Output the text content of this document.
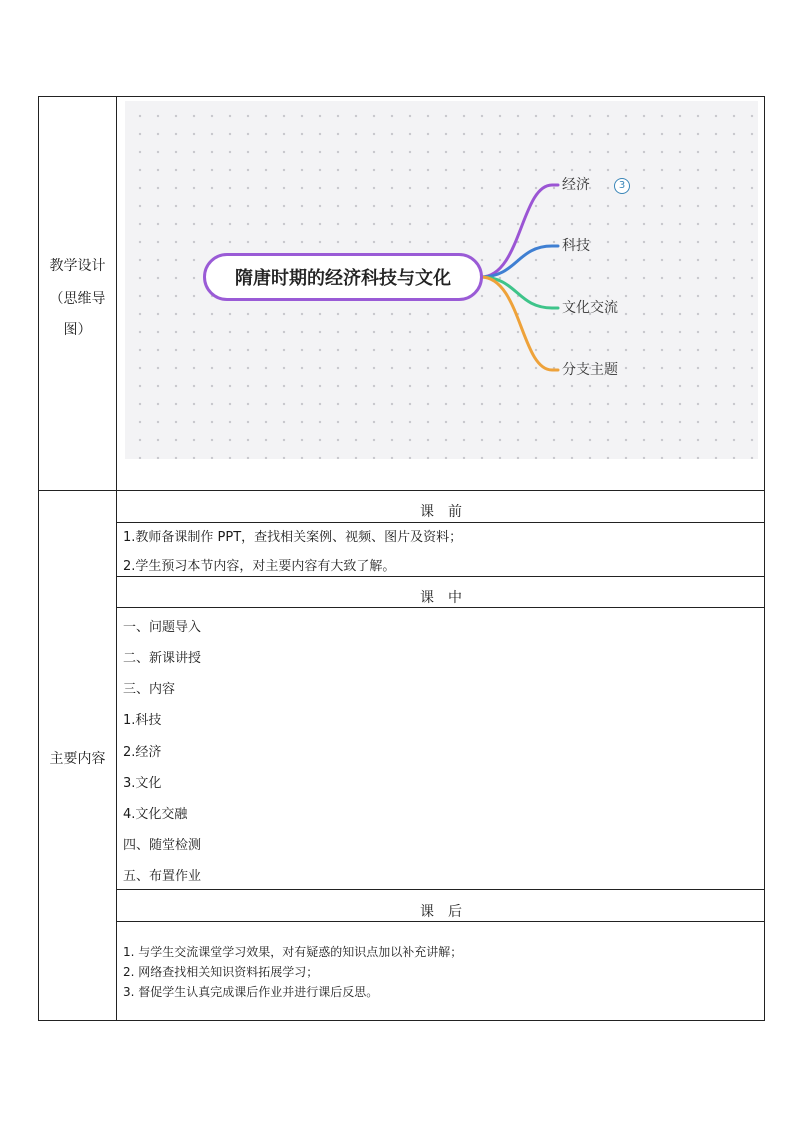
教学设计
（思维导
图）
隋唐时期的经济科技与文化
经济	3
科技
文化交流
分支主题
主要内容
课　前
1.教师备课制作 PPT，查找相关案例、视频、图片及资料；
2.学生预习本节内容，对主要内容有大致了解。
课　中
一、问题导入
二、新课讲授
三、内容
1.科技
2.经济
3.文化
4.文化交融
四、随堂检测
五、布置作业
课　后
1. 与学生交流课堂学习效果，对有疑惑的知识点加以补充讲解；
2. 网络查找相关知识资料拓展学习；
3. 督促学生认真完成课后作业并进行课后反思。
